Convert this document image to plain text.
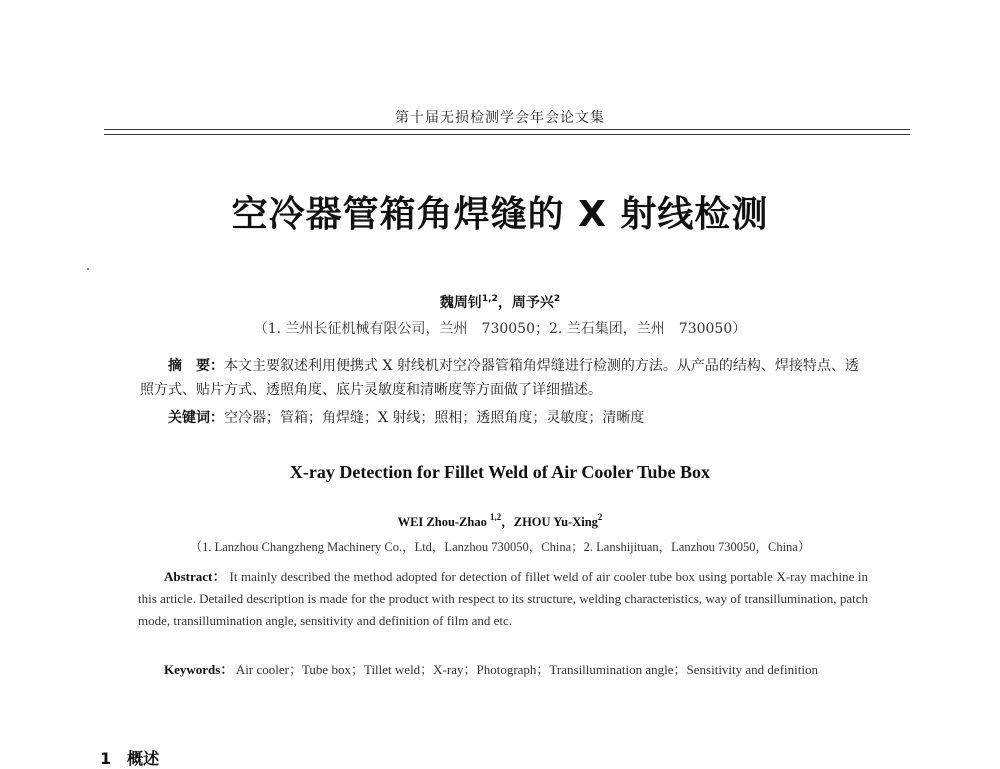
第十届无损检测学会年会论文集
空冷器管箱角焊缝的 X 射线检测
魏周钊$^{1,2}$，周予兴$^2$
（1. 兰州长征机械有限公司，兰州　730050；2. 兰石集团，兰州　730050）
摘　要：本文主要叙述利用便携式 X 射线机对空冷器管箱角焊缝进行检测的方法。从产品的结构、焊接特点、透照方式、贴片方式、透照角度、底片灵敏度和清晰度等方面做了详细描述。
关键词：空冷器；管箱；角焊缝；X 射线；照相；透照角度；灵敏度；清晰度
X-ray Detection for Fillet Weld of Air Cooler Tube Box
WEI Zhou-Zhao $^{1,2}$，ZHOU Yu-Xing$^2$
（1. Lanzhou Changzheng Machinery Co.，Ltd，Lanzhou 730050，China；2. Lanshijituan，Lanzhou 730050，China）
Abstract： It mainly described the method adopted for detection of fillet weld of air cooler tube box using portable X-ray machine in this article. Detailed description is made for the product with respect to its structure, welding characteristics, way of transillumination, patch mode, transillumination angle, sensitivity and definition of film and etc.
Keywords： Air cooler；Tube box；Tillet weld；X-ray；Photograph；Transillumination angle；Sensitivity and definition
1 概述
